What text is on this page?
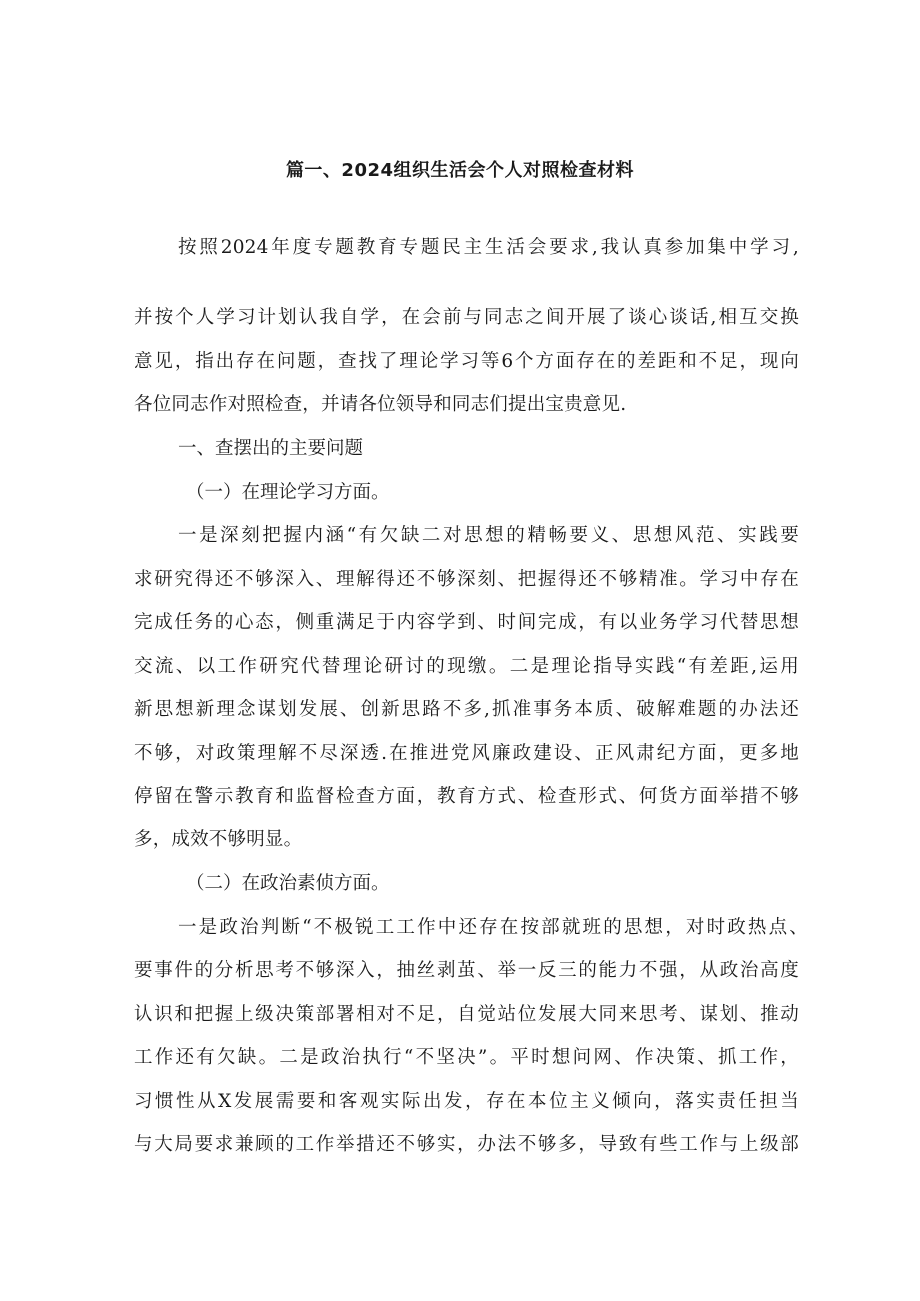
篇一、2024组织生活会个人对照检查材料
按照2024年度专题教育专题民主生活会要求,我认真参加集中学习,
并按个人学习计划认我自学，在会前与同志之间开展了谈心谈话,相互交换
意见，指出存在问题，查找了理论学习等6个方面存在的差距和不足，现向
各位同志作对照检查，并请各位领导和同志们提出宝贵意见.
一、查摆出的主要问题
（一）在理论学习方面。
一是深刻把握内涵“有欠缺二对思想的精畅要义、思想风范、实践要
求研究得还不够深入、理解得还不够深刻、把握得还不够精准。学习中存在
完成任务的心态，侧重满足于内容学到、时间完成，有以业务学习代替思想
交流、以工作研究代替理论研讨的现缴。二是理论指导实践“有差距,运用
新思想新理念谋划发展、创新思路不多,抓准事务本质、破解难题的办法还
不够，对政策理解不尽深透.在推进党风廉政建设、正风肃纪方面，更多地
停留在警示教育和监督检查方面，教育方式、检查形式、何货方面举措不够
多，成效不够明显。
（二）在政治素侦方面。
一是政治判断“不极锐工工作中还存在按部就班的思想，对时政热点、
要事件的分析思考不够深入，抽丝剥茧、举一反三的能力不强，从政治高度
认识和把握上级决策部署相对不足，自觉站位发展大同来思考、谋划、推动
工作还有欠缺。二是政治执行“不坚决”。平时想问网、作决策、抓工作，
习惯性从X发展需要和客观实际出发，存在本位主义倾向，落实责任担当
与大局要求兼顾的工作举措还不够实，办法不够多，导致有些工作与上级部
